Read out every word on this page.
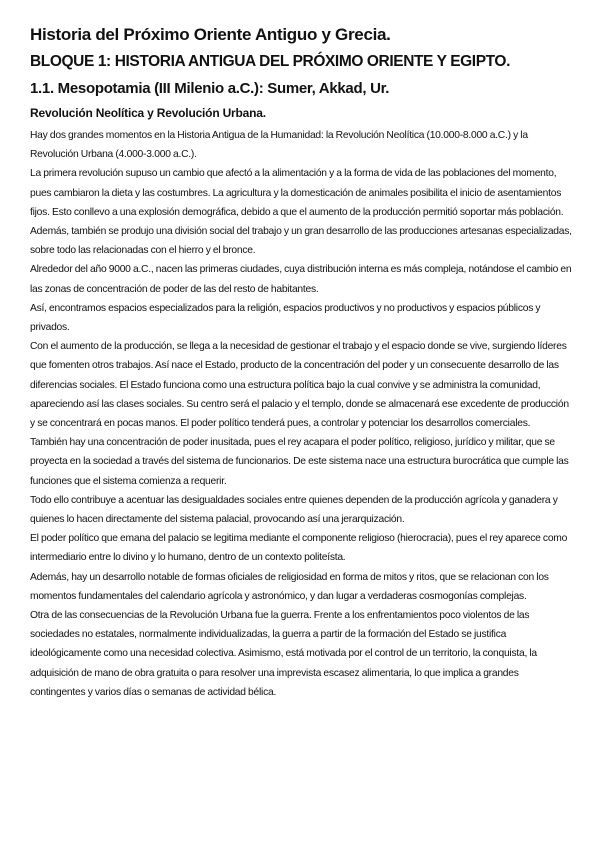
Historia del Próximo Oriente Antiguo y Grecia.
BLOQUE 1: HISTORIA ANTIGUA DEL PRÓXIMO ORIENTE Y EGIPTO.
1.1. Mesopotamia (III Milenio a.C.): Sumer, Akkad, Ur.
Revolución Neolítica y Revolución Urbana.

Hay dos grandes momentos en la Historia Antigua de la Humanidad: la Revolución Neolítica (10.000-8.000 a.C.) y la Revolución Urbana (4.000-3.000 a.C.).

La primera revolución supuso un cambio que afectó a la alimentación y a la forma de vida de las poblaciones del momento, pues cambiaron la dieta y las costumbres. La agricultura y la domesticación de animales posibilita el inicio de asentamientos fijos. Esto conllevo a una explosión demográfica, debido a que el aumento de la producción permitió soportar más población. Además, también se produjo una división social del trabajo y un gran desarrollo de las producciones artesanas especializadas, sobre todo las relacionadas con el hierro y el bronce.

Alrededor del año 9000 a.C., nacen las primeras ciudades, cuya distribución interna es más compleja, notándose el cambio en las zonas de concentración de poder de las del resto de habitantes.

Así, encontramos espacios especializados para la religión, espacios productivos y no productivos y espacios públicos y privados.

Con el aumento de la producción, se llega a la necesidad de gestionar el trabajo y el espacio donde se vive, surgiendo líderes que fomenten otros trabajos. Así nace el Estado, producto de la concentración del poder y un consecuente desarrollo de las diferencias sociales. El Estado funciona como una estructura política bajo la cual convive y se administra la comunidad, apareciendo así las clases sociales. Su centro será el palacio y el templo, donde se almacenará ese excedente de producción y se concentrará en pocas manos. El poder político tenderá pues, a controlar y potenciar los desarrollos comerciales.

También hay una concentración de poder inusitada, pues el rey acapara el poder político, religioso, jurídico y militar, que se proyecta en la sociedad a través del sistema de funcionarios. De este sistema nace una estructura burocrática que cumple las funciones que el sistema comienza a requerir.

Todo ello contribuye a acentuar las desigualdades sociales entre quienes dependen de la producción agrícola y ganadera y quienes lo hacen directamente del sistema palacial, provocando así una jerarquización.

El poder político que emana del palacio se legitima mediante el componente religioso (hierocracia), pues el rey aparece como intermediario entre lo divino y lo humano, dentro de un contexto politeísta.

Además, hay un desarrollo notable de formas oficiales de religiosidad en forma de mitos y ritos, que se relacionan con los momentos fundamentales del calendario agrícola y astronómico, y dan lugar a verdaderas cosmogonías complejas.

Otra de las consecuencias de la Revolución Urbana fue la guerra. Frente a los enfrentamientos poco violentos de las sociedades no estatales, normalmente individualizadas, la guerra a partir de la formación del Estado se justifica ideológicamente como una necesidad colectiva. Asimismo, está motivada por el control de un territorio, la conquista, la adquisición de mano de obra gratuita o para resolver una imprevista escasez alimentaria, lo que implica a grandes contingentes y varios días o semanas de actividad bélica.
